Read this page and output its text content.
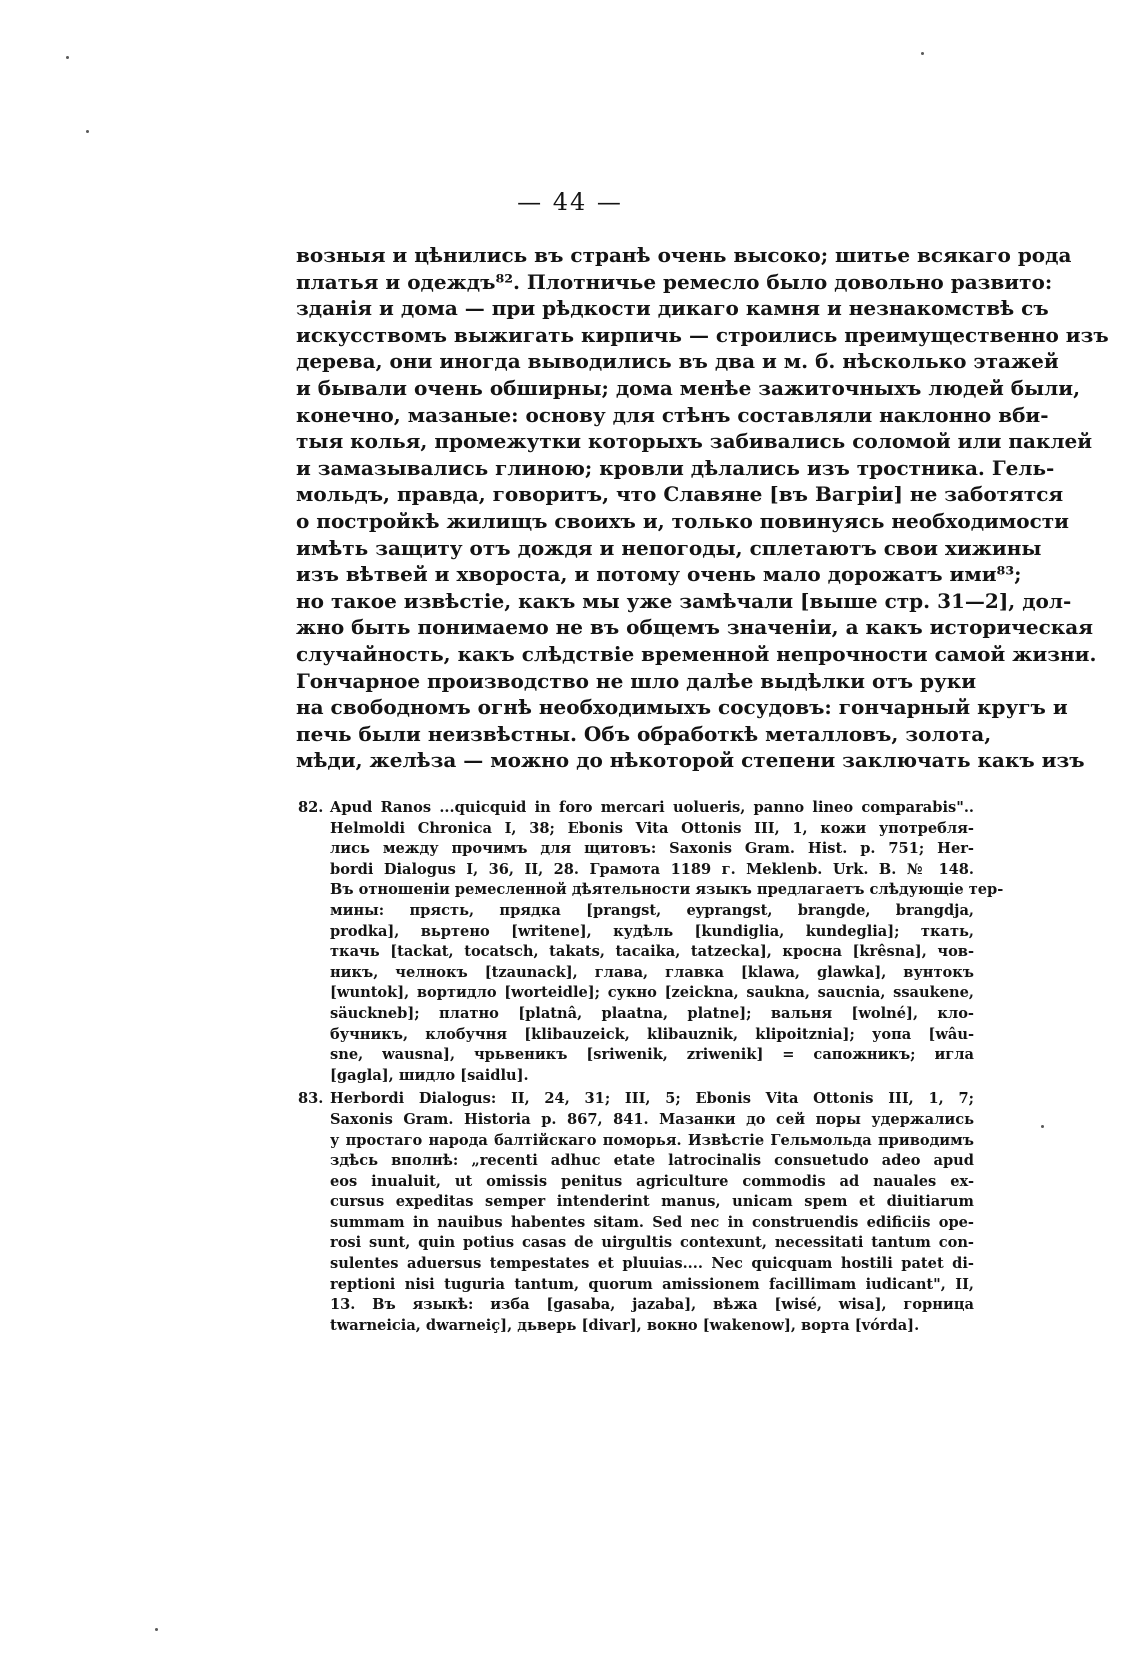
— 44 —
возныя и цѣнились въ странѣ очень высоко; шитье всякаго рода
платья и одеждъ⁸². Плотничье ремесло было довольно развито:
зданія и дома — при рѣдкости дикаго камня и незнакомствѣ съ
искусствомъ выжигать кирпичь — строились преимущественно изъ
дерева, они иногда выводились въ два и м. б. нѣсколько этажей
и бывали очень обширны; дома менѣе зажиточныхъ людей были,
конечно, мазаные: основу для стѣнъ составляли наклонно вби-
тыя колья, промежутки которыхъ забивались соломой или паклей
и замазывались глиною; кровли дѣлались изъ тростника. Гель-
мольдъ, правда, говоритъ, что Славяне [въ Вагріи] не заботятся
о постройкѣ жилищъ своихъ и, только повинуясь необходимости
имѣть защиту отъ дождя и непогоды, сплетаютъ свои хижины
изъ вѣтвей и хвороста, и потому очень мало дорожатъ ими⁸³;
но такое извѣстіе, какъ мы уже замѣчали [выше стр. 31—2], дол-
жно быть понимаемо не въ общемъ значеніи, а какъ историческая
случайность, какъ слѣдствіе временной непрочности самой жизни.
Гончарное производство не шло далѣе выдѣлки отъ руки
на свободномъ огнѣ необходимыхъ сосудовъ: гончарный кругъ и
печь были неизвѣстны. Объ обработкѣ металловъ, золота,
мѣди, желѣза — можно до нѣкоторой степени заключать какъ изъ
82. Apud Ranos ...quicquid in foro mercari uolueris, panno lineo comparabis"..
Helmoldi Chronica I, 38; Ebonis Vita Ottonis III, 1, кожи употребля-
лись между прочимъ для щитовъ: Saxonis Gram. Hist. p. 751; Her-
bordi Dialogus I, 36, II, 28. Грамота 1189 г. Meklenb. Urk. B. № 148.
Въ отношеніи ремесленной дѣятельности языкъ предлагаетъ слѣдующіе тер-
мины: прясть, прядка [prangst, eyprangst, brangde, brangdja,
prodka], вьртено [writene], кудѣль [kundiglia, kundeglia]; ткать,
ткачь [tackat, tocatsch, takats, tacaika, tatzecka], кросна [krêsna], чов-
никъ, челнокъ [tzaunack], глава, главка [klawa, glawka], вунтокъ
[wuntok], вортидло [worteidle]; сукно [zeickna, saukna, saucnia, ssaukene,
säuckneb]; платно [platnâ, plaatna, platne]; вальня [wolné], клo-
бучникъ, клобучня [klibauzeick, klibauznik, klipoitznia]; уопа [wâu-
sne, wausna], чрьвеникъ [sriwenik, zriwenik] = сапожникъ; игла
[gagla], шидло [saidlu].
83. Herbordi Dialogus: II, 24, 31; III, 5; Ebonis Vita Ottonis III, 1, 7;
Saxonis Gram. Historia p. 867, 841. Мазанки до сей поры удержались
у простаго народа балтійскаго поморья. Извѣстіе Гельмольда приводимъ
здѣсь вполнѣ: „recenti adhuc etate latrocinalis consuetudo adeo apud
eos inualuit, ut omissis penitus agriculture commodis ad nauales ex-
cursus expeditas semper intenderint manus, unicam spem et diuitiarum
summam in nauibus habentes sitam. Sed nec in construendis edificiis ope-
rosi sunt, quin potius casas de uirgultis contexunt, necessitati tantum con-
sulentes aduersus tempestates et pluuias.... Nec quicquam hostili patet di-
reptioni nisi tuguria tantum, quorum amissionem facillimam iudicant", II,
13. Въ языкѣ: изба [gasaba, jazaba], вѣжа [wisé, wisa], горница
twarneicia, dwarneiç], дьверь [divar], вокно [wakenow], ворта [vórda].
